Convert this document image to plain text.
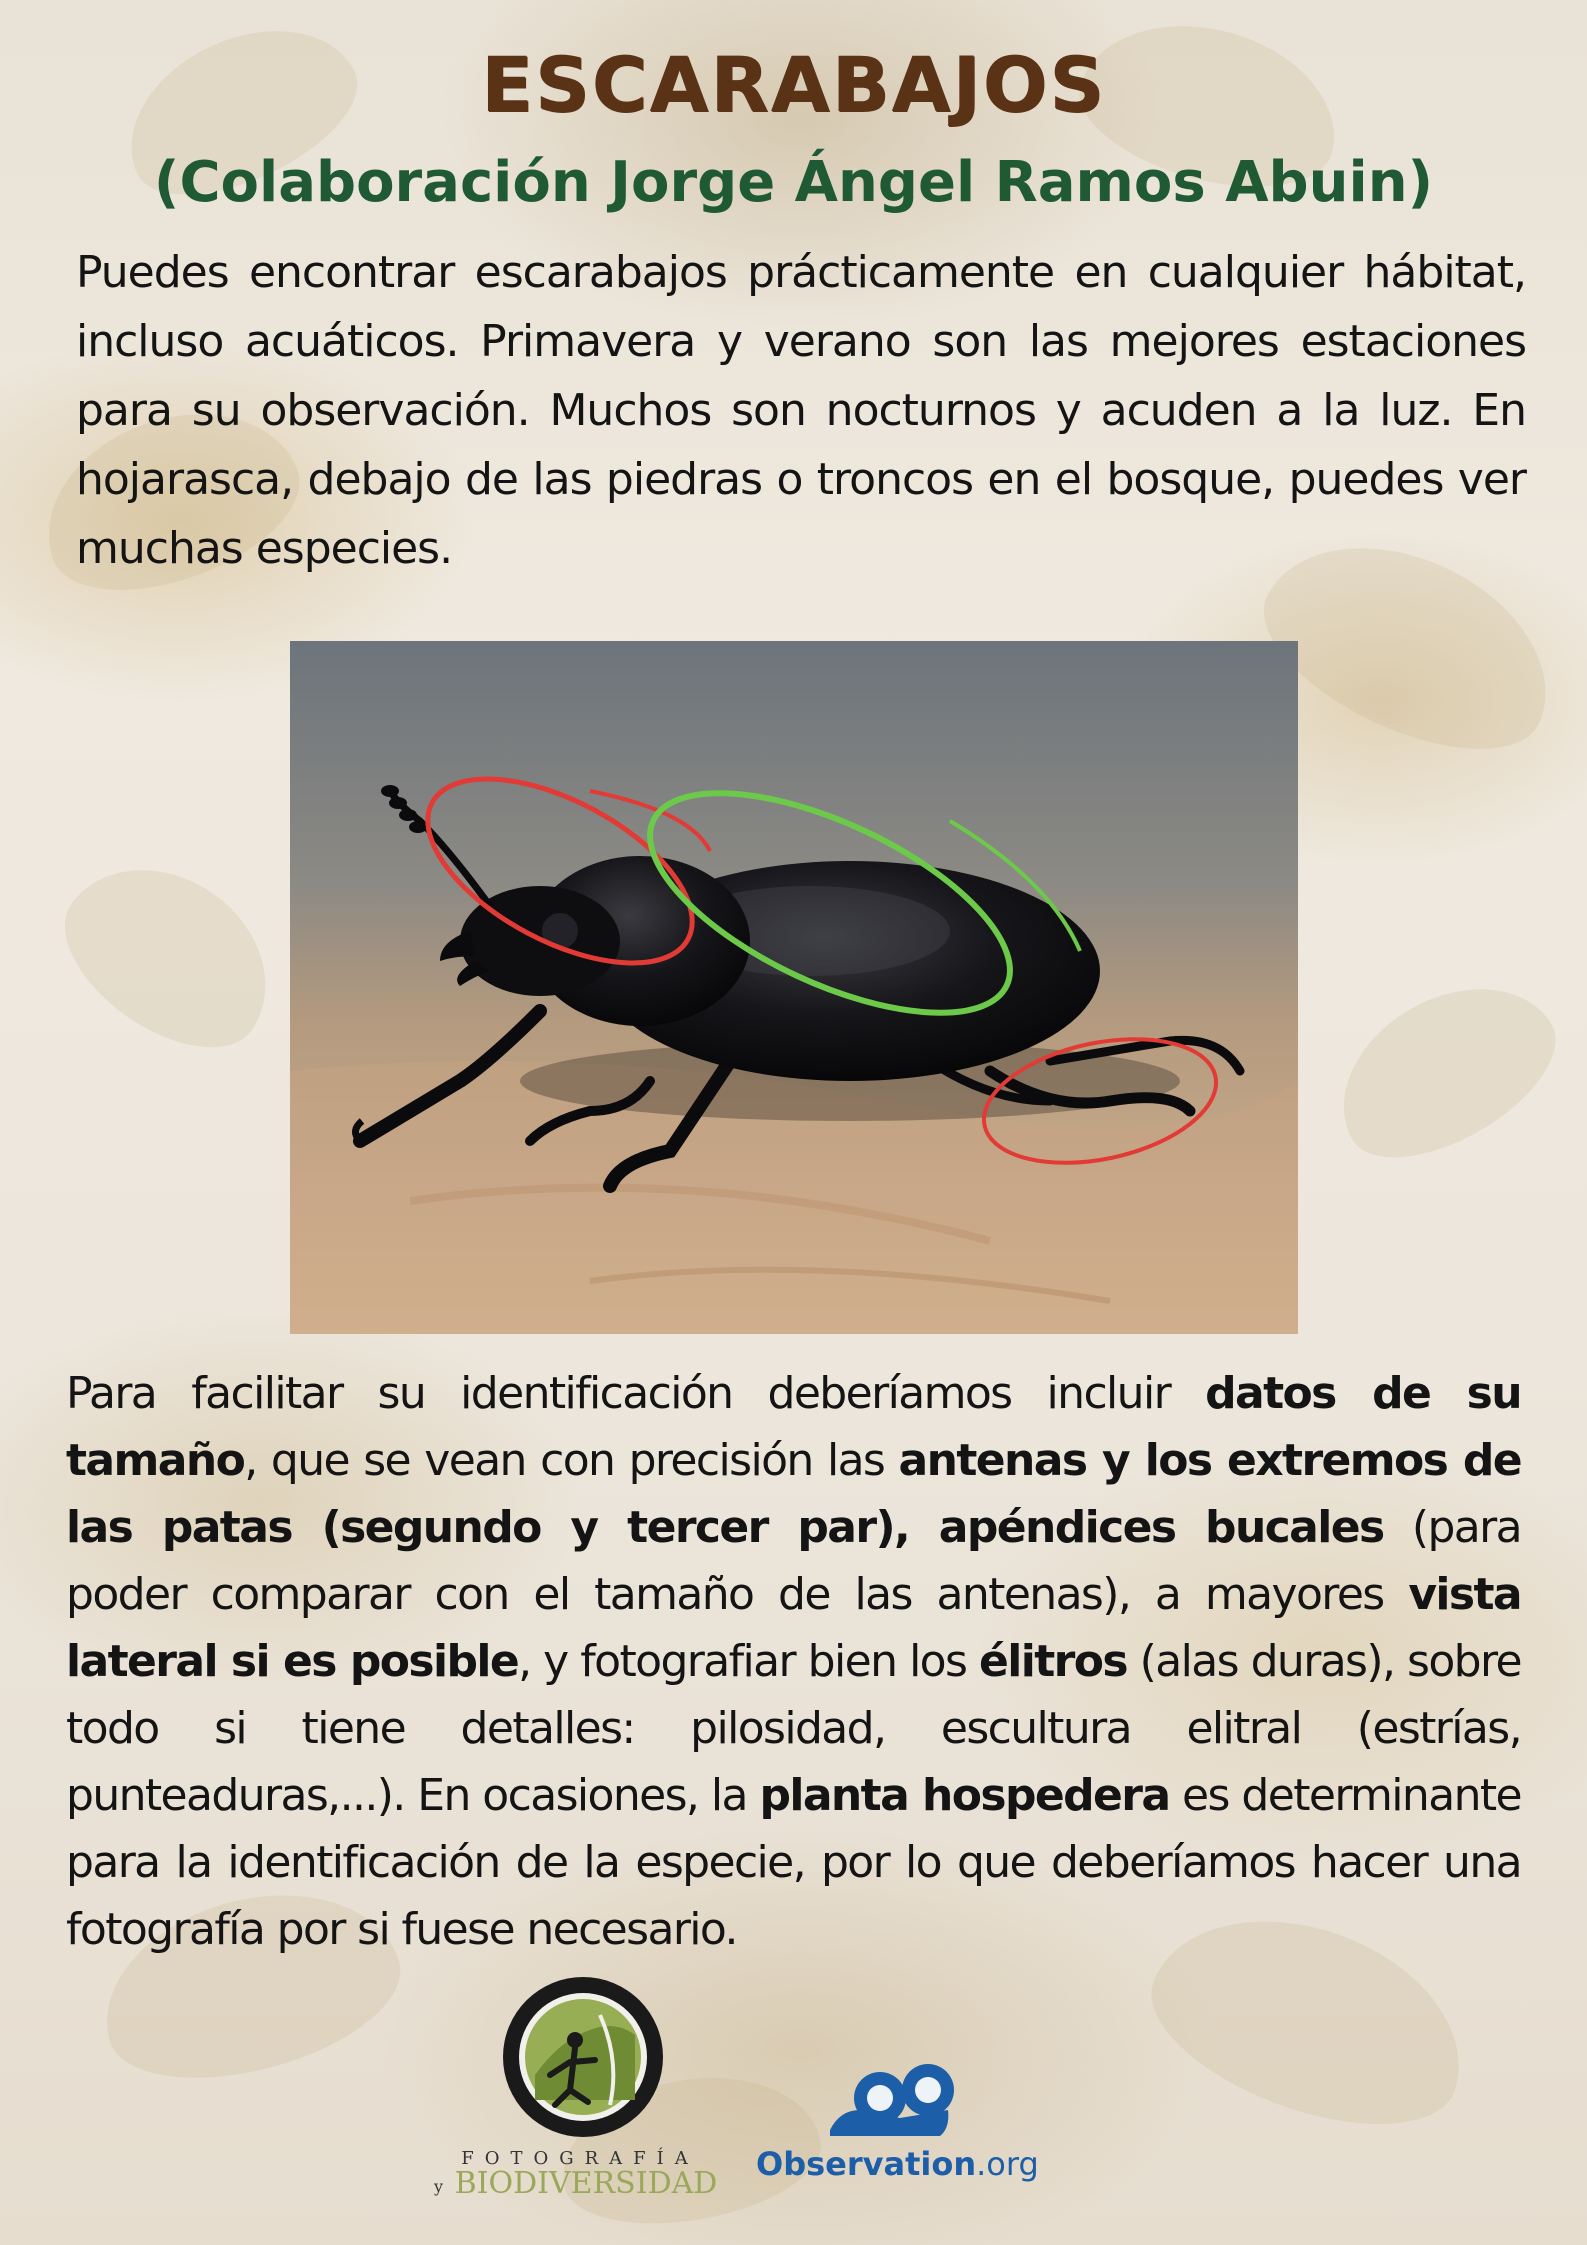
ESCARABAJOS
(Colaboración Jorge Ángel Ramos Abuin)
Puedes encontrar escarabajos prácticamente en cualquier hábitat, incluso acuáticos. Primavera y verano son las mejores estaciones para su observación. Muchos son nocturnos y acuden a la luz. En hojarasca, debajo de las piedras o troncos en el bosque, puedes ver muchas especies.
Para facilitar su identificación deberíamos incluir datos de su tamaño, que se vean con precisión las antenas y los extremos de las patas (segundo y tercer par), apéndices bucales (para poder comparar con el tamaño de las antenas), a mayores vista lateral si es posible, y fotografiar bien los élitros (alas duras), sobre todo si tiene detalles: pilosidad, escultura elitral (estrías, punteaduras,...). En ocasiones, la planta hospedera es determinante para la identificación de la especie, por lo que deberíamos hacer una fotografía por si fuese necesario.
FOTOGRAFÍA
y BIODIVERSIDAD
Observation.org
